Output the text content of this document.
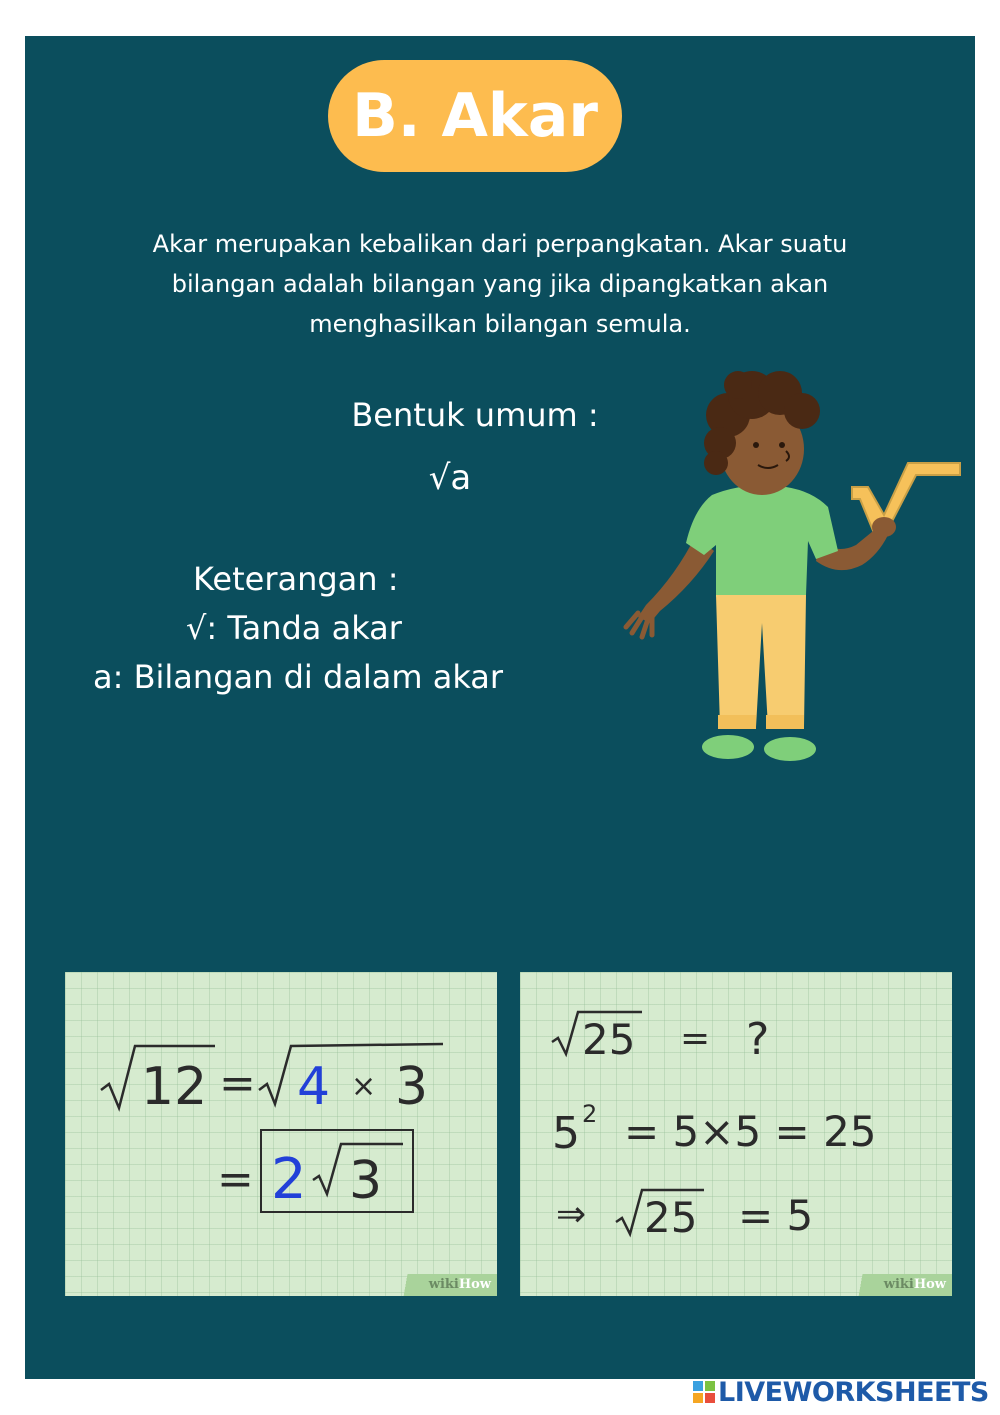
B. Akar
Akar merupakan kebalikan dari perpangkatan. Akar suatu
bilangan adalah bilangan yang jika dipangkatkan akan
menghasilkan bilangan semula.
Bentuk umum :
√a
Keterangan :
√: Tanda akar
a: Bilangan di dalam akar
12 = 4 × 3
= 2 3
wikiHow
25 = ?
5 2 = 5×5 = 25
⇒ 25 = 5
wikiHow
LIVEWORKSHEETS
